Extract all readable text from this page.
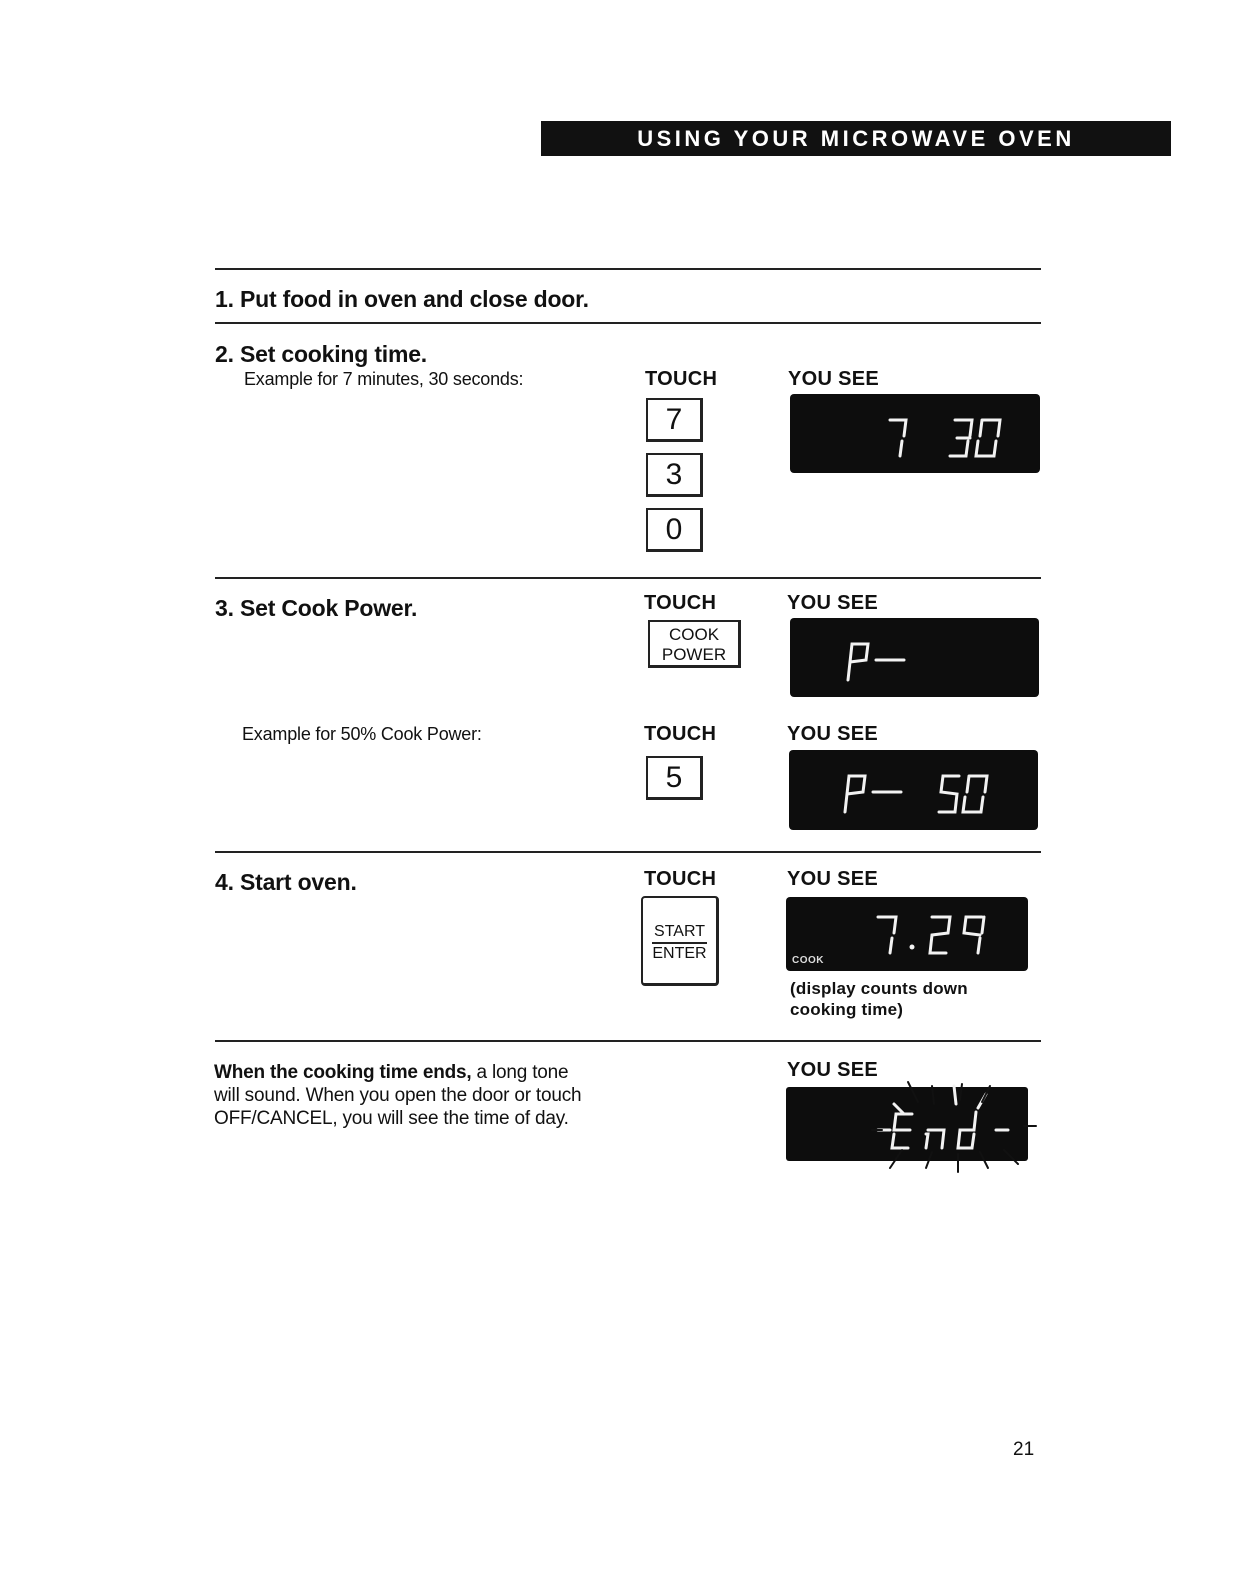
USING YOUR MICROWAVE OVEN
1. Put food in oven and close door.
2. Set cooking time.
Example for 7 minutes, 30 seconds:	TOUCH	YOU SEE
7
3
0
3. Set Cook Power.	TOUCH	YOU SEE
COOK
POWER
Example for 50% Cook Power:	TOUCH	YOU SEE
5
4. Start oven.	TOUCH	YOU SEE
START
ENTER	COOK
(display counts down
cooking time)
When the cooking time ends, a long tone
will sound. When you open the door or touch
OFF/CANCEL, you will see the time of day.
YOU SEE
21
